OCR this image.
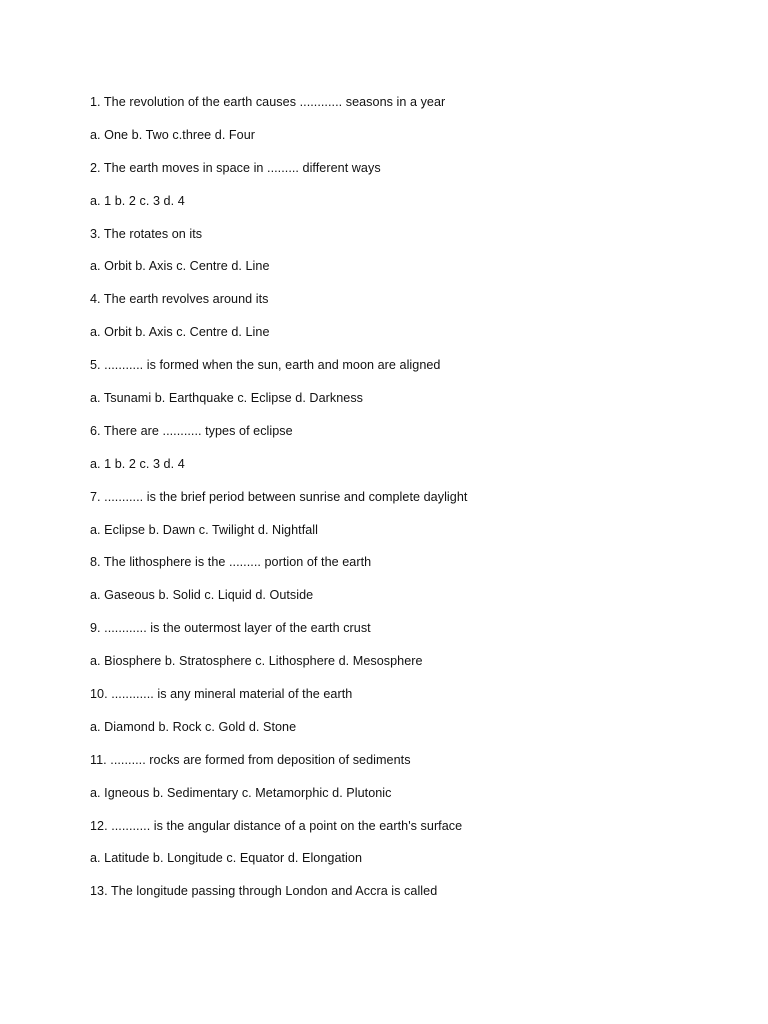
1. The revolution of the earth causes ............ seasons in a year
a. One b. Two c.three d. Four
2. The earth moves in space in ......... different ways
a. 1 b. 2 c. 3 d. 4
3. The rotates on its
a. Orbit b. Axis c. Centre d. Line
4. The earth revolves around its
a. Orbit b. Axis c. Centre d. Line
5. ........... is formed when the sun, earth and moon are aligned
a. Tsunami b. Earthquake c. Eclipse d. Darkness
6. There are ........... types of eclipse
a. 1 b. 2 c. 3 d. 4
7. ........... is the brief period between sunrise and complete daylight
a. Eclipse b. Dawn c. Twilight d. Nightfall
8. The lithosphere is the ......... portion of the earth
a. Gaseous b. Solid c. Liquid d. Outside
9. ............ is the outermost layer of the earth crust
a. Biosphere b. Stratosphere c. Lithosphere d. Mesosphere
10. ............ is any mineral material of the earth
a. Diamond b. Rock c. Gold d. Stone
11. .......... rocks are formed from deposition of sediments
a. Igneous b. Sedimentary c. Metamorphic d. Plutonic
12. ........... is the angular distance of a point on the earth's surface
a. Latitude b. Longitude c. Equator d. Elongation
13. The longitude passing through London and Accra is called
